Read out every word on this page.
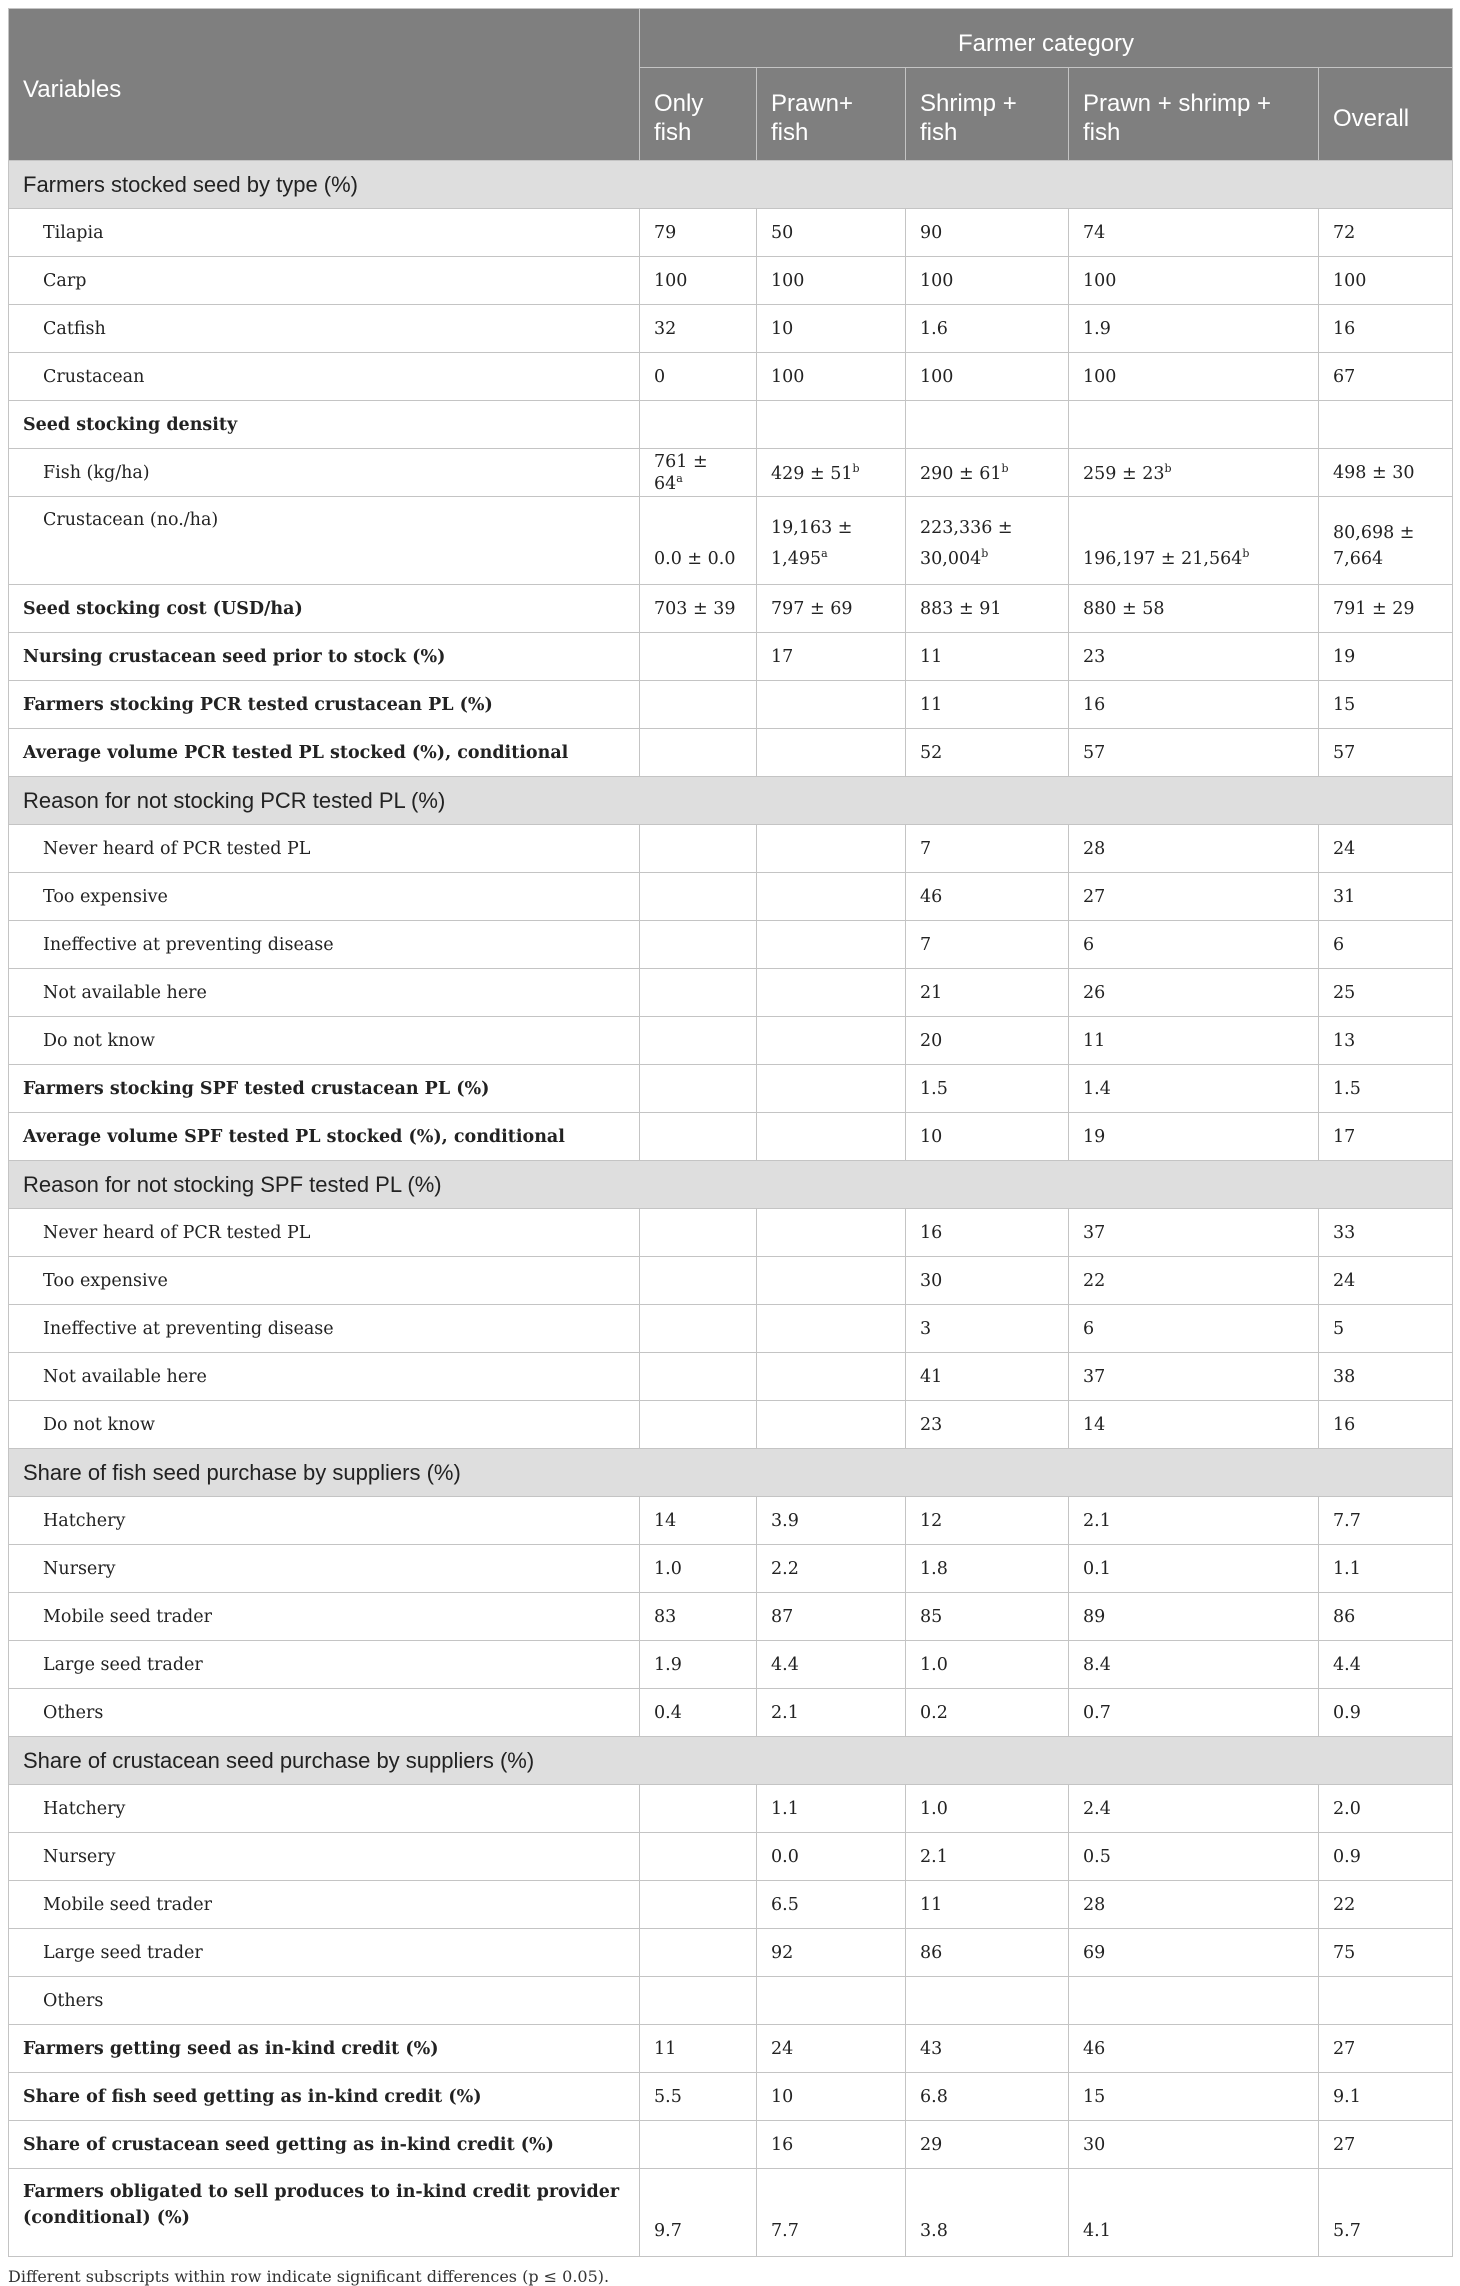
Variables	Farmer category				
	Only fish	Prawn+ fish	Shrimp + fish	Prawn + shrimp + fish	Overall
Farmers stocked seed by type (%)					
Tilapia	79	50	90	74	72
Carp	100	100	100	100	100
Catfish	32	10	1.6	1.9	16
Crustacean	0	100	100	100	67
Seed stocking density					
Fish (kg/ha)	$761 \pm 64^a$	$429 \pm 51^b$	$290 \pm 61^b$	$259 \pm 23^b$	498 ± 30
Crustacean (no./ha)	0.0 ± 0.0	19,163 ± 1,495$^a$	223,336 ± 30,004$^b$	196,197 ± 21,564$^b$	80,698 ± 7,664
Seed stocking cost (USD/ha)	703 ± 39	797 ± 69	883 ± 91	880 ± 58	791 ± 29
Nursing crustacean seed prior to stock (%)		17	11	23	19
Farmers stocking PCR tested crustacean PL (%)			11	16	15
Average volume PCR tested PL stocked (%), conditional			52	57	57
Reason for not stocking PCR tested PL (%)					
Never heard of PCR tested PL			7	28	24
Too expensive			46	27	31
Ineffective at preventing disease			7	6	6
Not available here			21	26	25
Do not know			20	11	13
Farmers stocking SPF tested crustacean PL (%)			1.5	1.4	1.5
Average volume SPF tested PL stocked (%), conditional			10	19	17
Reason for not stocking SPF tested PL (%)					
Never heard of PCR tested PL			16	37	33
Too expensive			30	22	24
Ineffective at preventing disease			3	6	5
Not available here			41	37	38
Do not know			23	14	16
Share of fish seed purchase by suppliers (%)					
Hatchery	14	3.9	12	2.1	7.7
Nursery	1.0	2.2	1.8	0.1	1.1
Mobile seed trader	83	87	85	89	86
Large seed trader	1.9	4.4	1.0	8.4	4.4
Others	0.4	2.1	0.2	0.7	0.9
Share of crustacean seed purchase by suppliers (%)					
Hatchery		1.1	1.0	2.4	2.0
Nursery		0.0	2.1	0.5	0.9
Mobile seed trader		6.5	11	28	22
Large seed trader		92	86	69	75
Others					
Farmers getting seed as in-kind credit (%)	11	24	43	46	27
Share of fish seed getting as in-kind credit (%)	5.5	10	6.8	15	9.1
Share of crustacean seed getting as in-kind credit (%)		16	29	30	27
Farmers obligated to sell produces to in-kind credit provider (conditional) (%)	9.7	7.7	3.8	4.1	5.7
Different subscripts within row indicate significant differences (p ≤ 0.05).
